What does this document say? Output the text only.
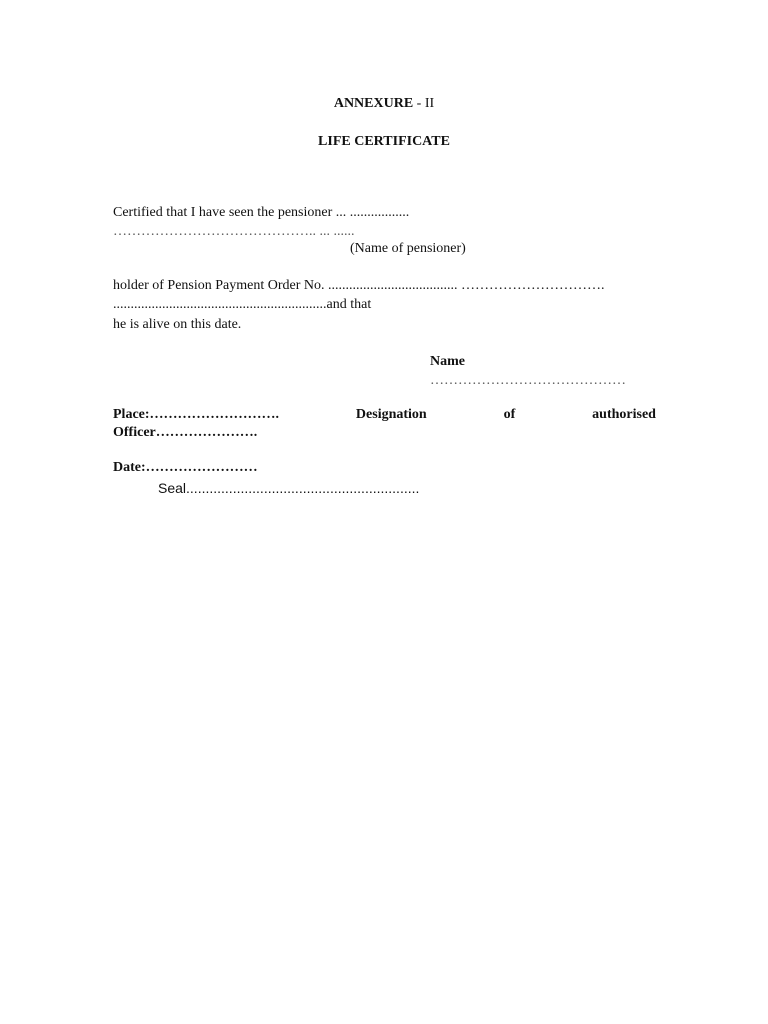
ANNEXURE - II
LIFE CERTIFICATE
Certified that I have seen the pensioner ... .................
…………………………………….. ... ......
(Name of pensioner)
holder of Pension Payment Order No. ..................................... ………………………….
.............................................................and that
he is alive on this date.
Name
……………………………………
Place:……………………….	Designation	of	authorised
Officer………………….
Date:……………………
Seal............................................................
